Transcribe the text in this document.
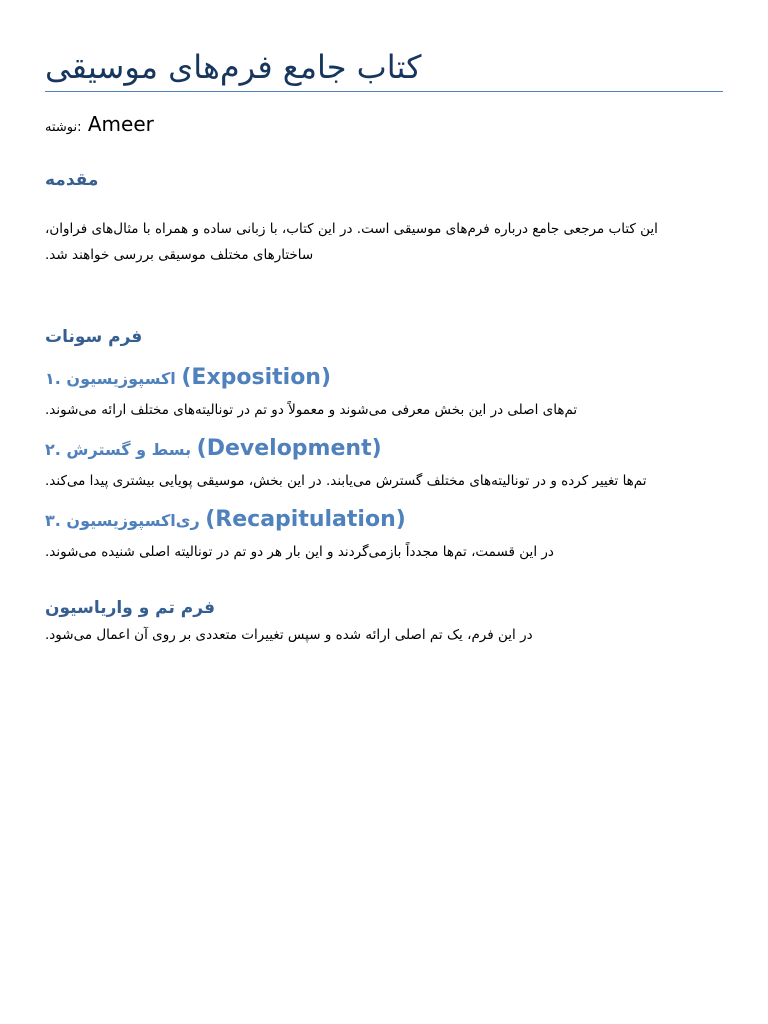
کتاب جامع فرم‌های موسیقی
نوشته: Ameer
مقدمه
این کتاب مرجعی جامع درباره فرم‌های موسیقی است. در این کتاب، با زبانی ساده و همراه با مثال‌های فراوان،
ساختارهای مختلف موسیقی بررسی خواهند شد.
فرم سونات
۱. اکسپوزیسیون (Exposition)
تم‌های اصلی در این بخش معرفی می‌شوند و معمولاً دو تم در تونالیته‌های مختلف ارائه می‌شوند.
۲. بسط و گسترش (Development)
تم‌ها تغییر کرده و در تونالیته‌های مختلف گسترش می‌یابند. در این بخش، موسیقی پویایی بیشتری پیدا می‌کند.
۳. ری‌اکسپوزیسیون (Recapitulation)
در این قسمت، تم‌ها مجدداً بازمی‌گردند و این بار هر دو تم در تونالیته اصلی شنیده می‌شوند.
فرم تم و واریاسیون
در این فرم، یک تم اصلی ارائه شده و سپس تغییرات متعددی بر روی آن اعمال می‌شود.
